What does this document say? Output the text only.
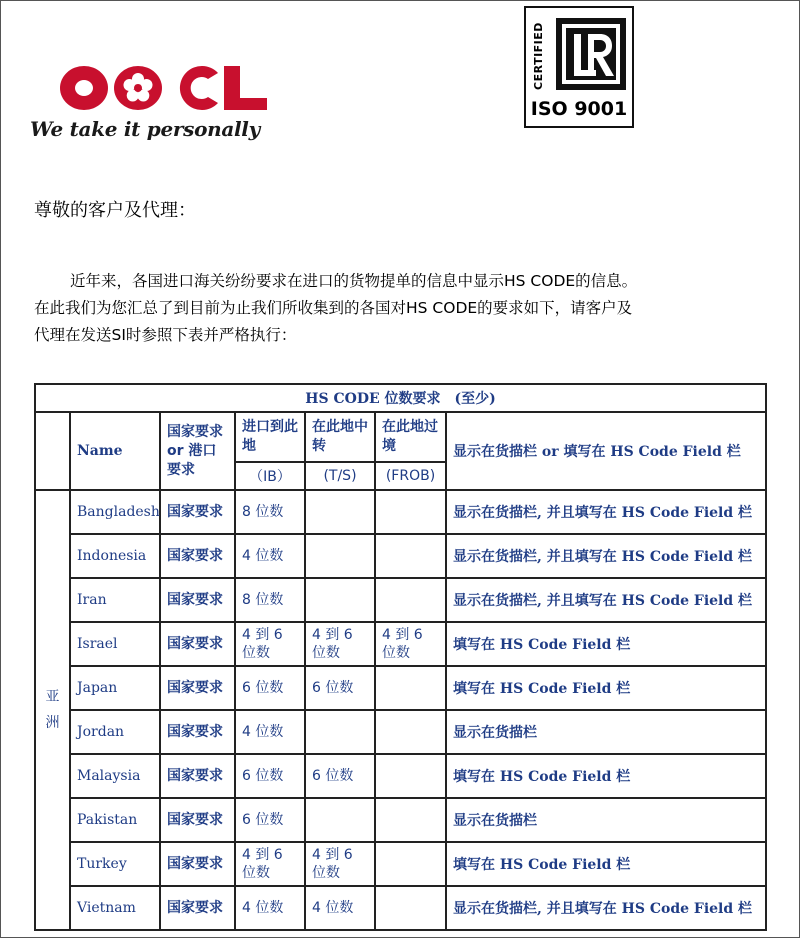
We take it personally
CERTIFIED
ISO 9001
尊敬的客户及代理：
近年来，各国进口海关纷纷要求在进口的货物提单的信息中显示HS CODE的信息。
在此我们为您汇总了到目前为止我们所收集到的各国对HS CODE的要求如下，请客户及
代理在发送SI时参照下表并严格执行：
HS CODE 位数要求　(至少)						
	Name	国家要求 or 港口要求	进口到此地	在此地中转	在此地过境	显示在货描栏 or 填写在 HS Code Field 栏
			（IB）	(T/S)	(FROB)	
亚
洲	Bangladesh	国家要求	8 位数			显示在货描栏, 并且填写在 HS Code Field 栏
	Indonesia	国家要求	4 位数			显示在货描栏, 并且填写在 HS Code Field 栏
	Iran	国家要求	8 位数			显示在货描栏, 并且填写在 HS Code Field 栏
	Israel	国家要求	4 到 6 位数	4 到 6 位数	4 到 6 位数	填写在 HS Code Field 栏
	Japan	国家要求	6 位数	6 位数		填写在 HS Code Field 栏
	Jordan	国家要求	4 位数			显示在货描栏
	Malaysia	国家要求	6 位数	6 位数		填写在 HS Code Field 栏
	Pakistan	国家要求	6 位数			显示在货描栏
	Turkey	国家要求	4 到 6 位数	4 到 6 位数		填写在 HS Code Field 栏
	Vietnam	国家要求	4 位数	4 位数		显示在货描栏, 并且填写在 HS Code Field 栏
